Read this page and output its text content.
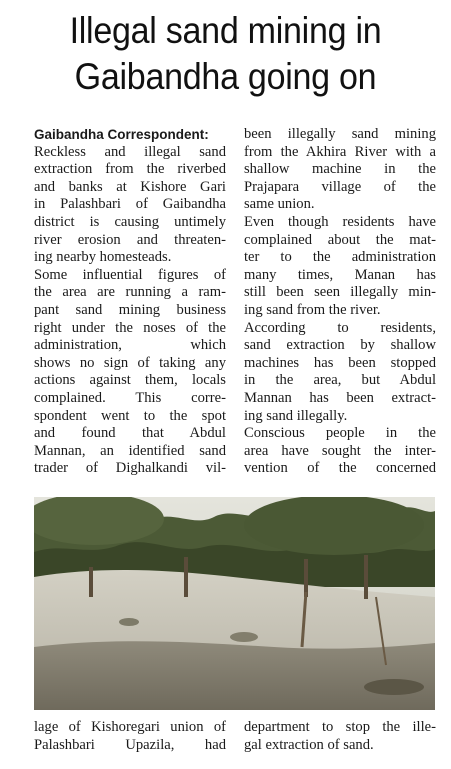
Illegal sand mining in
Gaibandha going on
Gaibandha Correspondent:
Reckless and illegal sand
extraction from the riverbed
and banks at Kishore Gari
in Palashbari of Gaibandha
district is causing untimely
river erosion and threaten-
ing nearby homesteads.
Some influential figures of
the area are running a ram-
pant sand mining business
right under the noses of the
administration, which
shows no sign of taking any
actions against them, locals
complained. This corre-
spondent went to the spot
and found that Abdul
Mannan, an identified sand
trader of Dighalkandi vil-
been illegally sand mining
from the Akhira River with a
shallow machine in the
Prajapara village of the
same union.
Even though residents have
complained about the mat-
ter to the administration
many times, Manan has
still been seen illegally min-
ing sand from the river.
According to residents,
sand extraction by shallow
machines has been stopped
in the area, but Abdul
Mannan has been extract-
ing sand illegally.
Conscious people in the
area have sought the inter-
vention of the concerned
lage of Kishoregari union of
Palashbari Upazila, had
department to stop the ille-
gal extraction of sand.
